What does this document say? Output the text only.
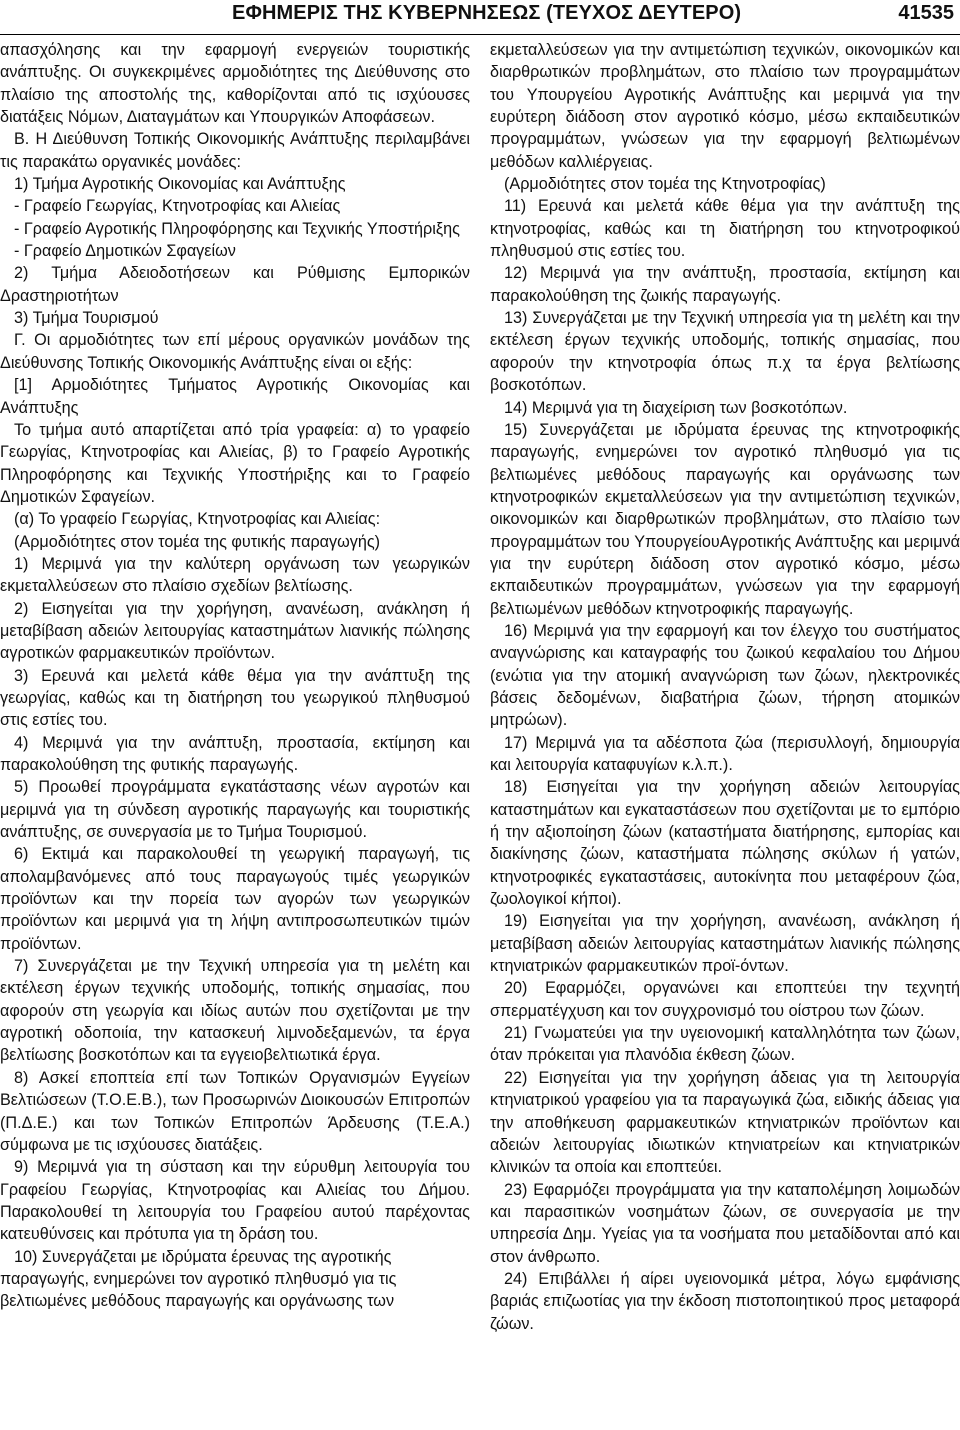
ΕΦΗΜΕΡΙΣ ΤΗΣ ΚΥΒΕΡΝΗΣΕΩΣ (ΤΕΥΧΟΣ ΔΕΥΤΕΡΟ)	41535

απασχόλησης και την εφαρμογή ενεργειών τουριστικής ανάπτυξης. Οι συγκεκριμένες αρμοδιότητες της Διεύθυνσης στο πλαίσιο της αποστολής της, καθορίζονται από τις ισχύουσες διατάξεις Νόμων, Διαταγμάτων και Υπουργικών Αποφάσεων.

Β. Η Διεύθυνση Τοπικής Οικονομικής Ανάπτυξης περιλαμβάνει τις παρακάτω οργανικές μονάδες:

1) Τμήμα Αγροτικής Οικονομίας και Ανάπτυξης

- Γραφείο Γεωργίας, Κτηνοτροφίας και Αλιείας

- Γραφείο Αγροτικής Πληροφόρησης και Τεχνικής Υποστήριξης

- Γραφείο Δημοτικών Σφαγείων

2) Τμήμα Αδειοδοτήσεων και Ρύθμισης Εμπορικών Δραστηριοτήτων

3) Τμήμα Τουρισμού

Γ. Οι αρμοδιότητες των επί μέρους οργανικών μονάδων της Διεύθυνσης Τοπικής Οικονομικής Ανάπτυξης είναι οι εξής:

[1] Αρμοδιότητες Τμήματος Αγροτικής Οικονομίας και Ανάπτυξης

Το τμήμα αυτό απαρτίζεται από τρία γραφεία: α) το γραφείο Γεωργίας, Κτηνοτροφίας και Αλιείας, β) το Γραφείο Αγροτικής Πληροφόρησης και Τεχνικής Υποστήριξης και το Γραφείο Δημοτικών Σφαγείων.

(α) Το γραφείο Γεωργίας, Κτηνοτροφίας και Αλιείας:

(Αρμοδιότητες στον τομέα της φυτικής παραγωγής)

1) Μεριμνά για την καλύτερη οργάνωση των γεωργικών εκμεταλλεύσεων στο πλαίσιο σχεδίων βελτίωσης.

2) Εισηγείται για την χορήγηση, ανανέωση, ανάκληση ή μεταβίβαση αδειών λειτουργίας καταστημάτων λιανικής πώλησης αγροτικών φαρμακευτικών προϊόντων.

3) Ερευνά και μελετά κάθε θέμα για την ανάπτυξη της γεωργίας, καθώς και τη διατήρηση του γεωργικού πληθυσμού στις εστίες του.

4) Μεριμνά για την ανάπτυξη, προστασία, εκτίμηση και παρακολούθηση της φυτικής παραγωγής.

5) Προωθεί προγράμματα εγκατάστασης νέων αγροτών και μεριμνά για τη σύνδεση αγροτικής παραγωγής και τουριστικής ανάπτυξης, σε συνεργασία με το Τμήμα Τουρισμού.

6) Εκτιμά και παρακολουθεί τη γεωργική παραγωγή, τις απολαμβανόμενες από τους παραγωγούς τιμές γεωργικών προϊόντων και την πορεία των αγορών των γεωργικών προϊόντων και μεριμνά για τη λήψη αντιπροσωπευτικών τιμών προϊόντων.

7) Συνεργάζεται με την Τεχνική υπηρεσία για τη μελέτη και εκτέλεση έργων τεχνικής υποδομής, τοπικής σημασίας, που αφορούν στη γεωργία και ιδίως αυτών που σχετίζονται με την αγροτική οδοποιία, την κατασκευή λιμνοδεξαμενών, τα έργα βελτίωσης βοσκοτόπων και τα εγγειοβελτιωτικά έργα.

8) Ασκεί εποπτεία επί των Τοπικών Οργανισμών Εγγείων Βελτιώσεων (Τ.Ο.Ε.Β.), των Προσωρινών Διοικουσών Επιτροπών (Π.Δ.Ε.) και των Τοπικών Επιτροπών Άρδευσης (Τ.Ε.Α.) σύμφωνα με τις ισχύουσες διατάξεις.

9) Μεριμνά για τη σύσταση και την εύρυθμη λειτουργία του Γραφείου Γεωργίας, Κτηνοτροφίας και Αλιείας του Δήμου. Παρακολουθεί τη λειτουργία του Γραφείου αυτού παρέχοντας κατευθύνσεις και πρότυπα για τη δράση του.

10) Συνεργάζεται με ιδρύματα έρευνας της αγροτικής παραγωγής, ενημερώνει τον αγροτικό πληθυσμό για τις βελτιωμένες μεθόδους παραγωγής και οργάνωσης των

εκμεταλλεύσεων για την αντιμετώπιση τεχνικών, οικονομικών και διαρθρωτικών προβλημάτων, στο πλαίσιο των προγραμμάτων του Υπουργείου Αγροτικής Ανάπτυξης και μεριμνά για την ευρύτερη διάδοση στον αγροτικό κόσμο, μέσω εκπαιδευτικών προγραμμάτων, γνώσεων για την εφαρμογή βελτιωμένων μεθόδων καλλιέργειας.

(Αρμοδιότητες στον τομέα της Κτηνοτροφίας)

11) Ερευνά και μελετά κάθε θέμα για την ανάπτυξη της κτηνοτροφίας, καθώς και τη διατήρηση του κτηνοτροφικού πληθυσμού στις εστίες του.

12) Μεριμνά για την ανάπτυξη, προστασία, εκτίμηση και παρακολούθηση της ζωικής παραγωγής.

13) Συνεργάζεται με την Τεχνική υπηρεσία για τη μελέτη και την εκτέλεση έργων τεχνικής υποδομής, τοπικής σημασίας, που αφορούν την κτηνοτροφία όπως π.χ τα έργα βελτίωσης βοσκοτόπων.

14) Μεριμνά για τη διαχείριση των βοσκοτόπων.

15) Συνεργάζεται με ιδρύματα έρευνας της κτηνοτροφικής παραγωγής, ενημερώνει τον αγροτικό πληθυσμό για τις βελτιωμένες μεθόδους παραγωγής και οργάνωσης των κτηνοτροφικών εκμεταλλεύσεων για την αντιμετώπιση τεχνικών, οικονομικών και διαρθρωτικών προβλημάτων, στο πλαίσιο των προγραμμάτων του ΥπουργείουΑγροτικής Ανάπτυξης και μεριμνά για την ευρύτερη διάδοση στον αγροτικό κόσμο, μέσω εκπαιδευτικών προγραμμάτων, γνώσεων για την εφαρμογή βελτιωμένων μεθόδων κτηνοτροφικής παραγωγής.

16) Μεριμνά για την εφαρμογή και τον έλεγχο του συστήματος αναγνώρισης και καταγραφής του ζωικού κεφαλαίου του Δήμου (ενώτια για την ατομική αναγνώριση των ζώων, ηλεκτρονικές βάσεις δεδομένων, διαβατήρια ζώων, τήρηση ατομικών μητρώων).

17) Μεριμνά για τα αδέσποτα ζώα (περισυλλογή, δημιουργία και λειτουργία καταφυγίων κ.λ.π.).

18) Εισηγείται για την χορήγηση αδειών λειτουργίας καταστημάτων και εγκαταστάσεων που σχετίζονται με το εμπόριο ή την αξιοποίηση ζώων (καταστήματα διατήρησης, εμπορίας και διακίνησης ζώων, καταστήματα πώλησης σκύλων ή γατών, κτηνοτροφικές εγκαταστάσεις, αυτοκίνητα που μεταφέρουν ζώα, ζωολογικοί κήποι).

19) Εισηγείται για την χορήγηση, ανανέωση, ανάκληση ή μεταβίβαση αδειών λειτουργίας καταστημάτων λιανικής πώλησης κτηνιατρικών φαρμακευτικών προϊ-όντων.

20) Εφαρμόζει, οργανώνει και εποπτεύει την τεχνητή σπερματέγχυση και τον συγχρονισμό του οίστρου των ζώων.

21) Γνωματεύει για την υγειονομική καταλληλότητα των ζώων, όταν πρόκειται για πλανόδια έκθεση ζώων.

22) Εισηγείται για την χορήγηση άδειας για τη λειτουργία κτηνιατρικού γραφείου για τα παραγωγικά ζώα, ειδικής άδειας για την αποθήκευση φαρμακευτικών κτηνιατρικών προϊόντων και αδειών λειτουργίας ιδιωτικών κτηνιατρείων και κτηνιατρικών κλινικών τα οποία και εποπτεύει.

23) Εφαρμόζει προγράμματα για την καταπολέμηση λοιμωδών και παρασιτικών νοσημάτων ζώων, σε συνεργασία με την υπηρεσία Δημ. Υγείας για τα νοσήματα που μεταδίδονται από και στον άνθρωπο.

24) Επιβάλλει ή αίρει υγειονομικά μέτρα, λόγω εμφάνισης βαριάς επιζωοτίας για την έκδοση πιστοποιητικού προς μεταφορά ζώων.
